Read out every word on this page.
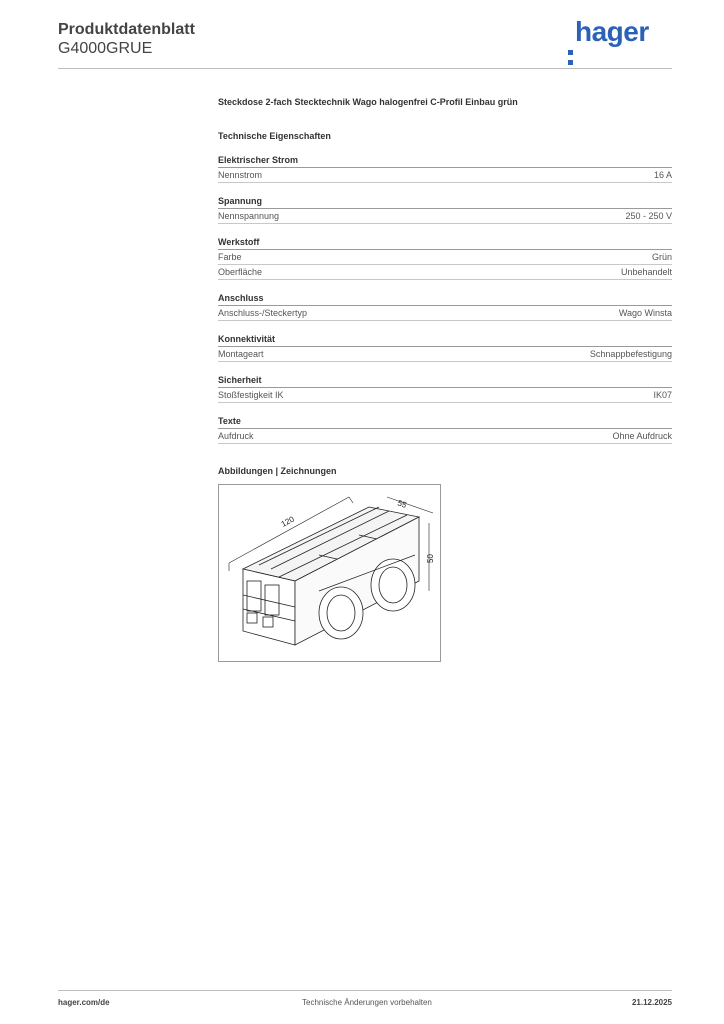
Produktdatenblatt
G4000GRUE
hager
Steckdose 2-fach Stecktechnik Wago halogenfrei C-Profil Einbau grün
Technische Eigenschaften
Elektrischer Strom
Nennstrom	16 A
Spannung
Nennspannung	250 - 250 V
Werkstoff
Farbe	Grün
Oberfläche	Unbehandelt
Anschluss
Anschluss-/Steckertyp	Wago Winsta
Konnektivität
Montageart	Schnappbefestigung
Sicherheit
Stoßfestigkeit IK	IK07
Texte
Aufdruck	Ohne Aufdruck
Abbildungen | Zeichnungen
120
55
50
hager.com/de	Technische Änderungen vorbehalten	21.12.2025
